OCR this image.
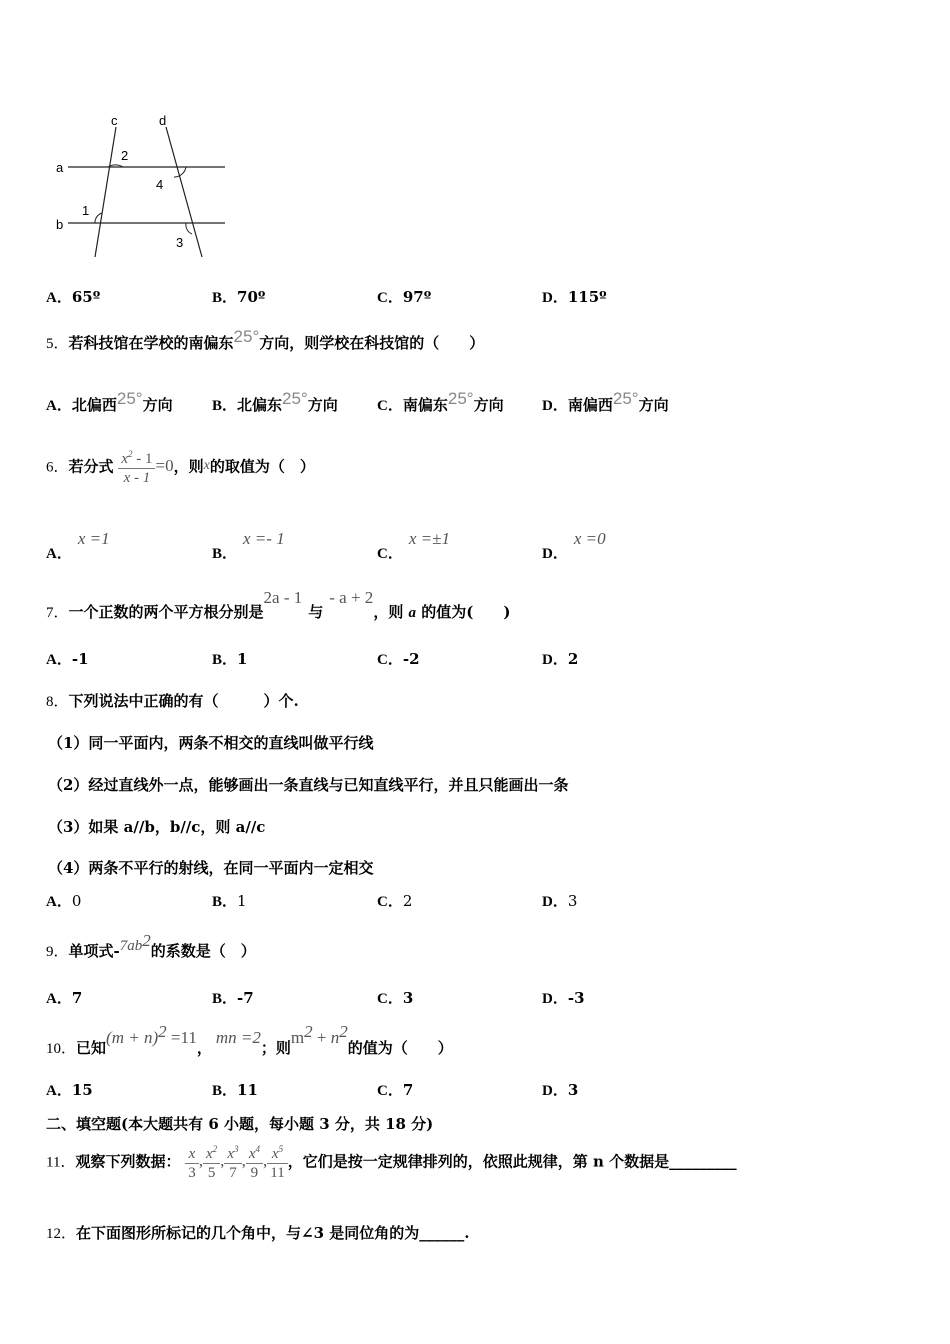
a
b
c	d
2
4
1
3
A．65º	B．70º	C．97º	D．115º
5．若科技馆在学校的南偏东25°方向，则学校在科技馆的（　　）
A．北偏西25°方向	B．北偏东25°方向	C．南偏东25°方向	D．南偏西25°方向
6．若分式 $\frac{x^2 - 1}{x - 1} =0$，则x的取值为（　）
A．x =1
B．x =- 1
C．x =±1
D．x =0
7．一个正数的两个平方根分别是2a - 1与- a + 2，则 a 的值为(　　)
A．-1	B．1	C．-2	D．2
8．下列说法中正确的有（　　　）个.
（1）同一平面内，两条不相交的直线叫做平行线
（2）经过直线外一点，能够画出一条直线与已知直线平行，并且只能画出一条
（3）如果 a//b，b//c，则 a//c
（4）两条不平行的射线，在同一平面内一定相交
A．0	B．1	C．2	D．3
9．单项式$-7ab^2$的系数是（　）
A．7	B．-7	C．3	D．-3
10．已知$(m + n)^2 =11$，mn =2；则$m^2 + n^2$的值为（　　）
A．15	B．11	C．7	D．3
二、填空题(本大题共有 6 小题，每小题 3 分，共 18 分)
11．观察下列数据： $\frac{x}{3}$ , $\frac{x^2}{5}$ , $\frac{x^3}{7}$ , $\frac{x^4}{9}$ , $\frac{x^5}{11}$ ，它们是按一定规律排列的，依照此规律，第 n 个数据是_________
12．在下面图形所标记的几个角中，与∠3 是同位角的为______.
